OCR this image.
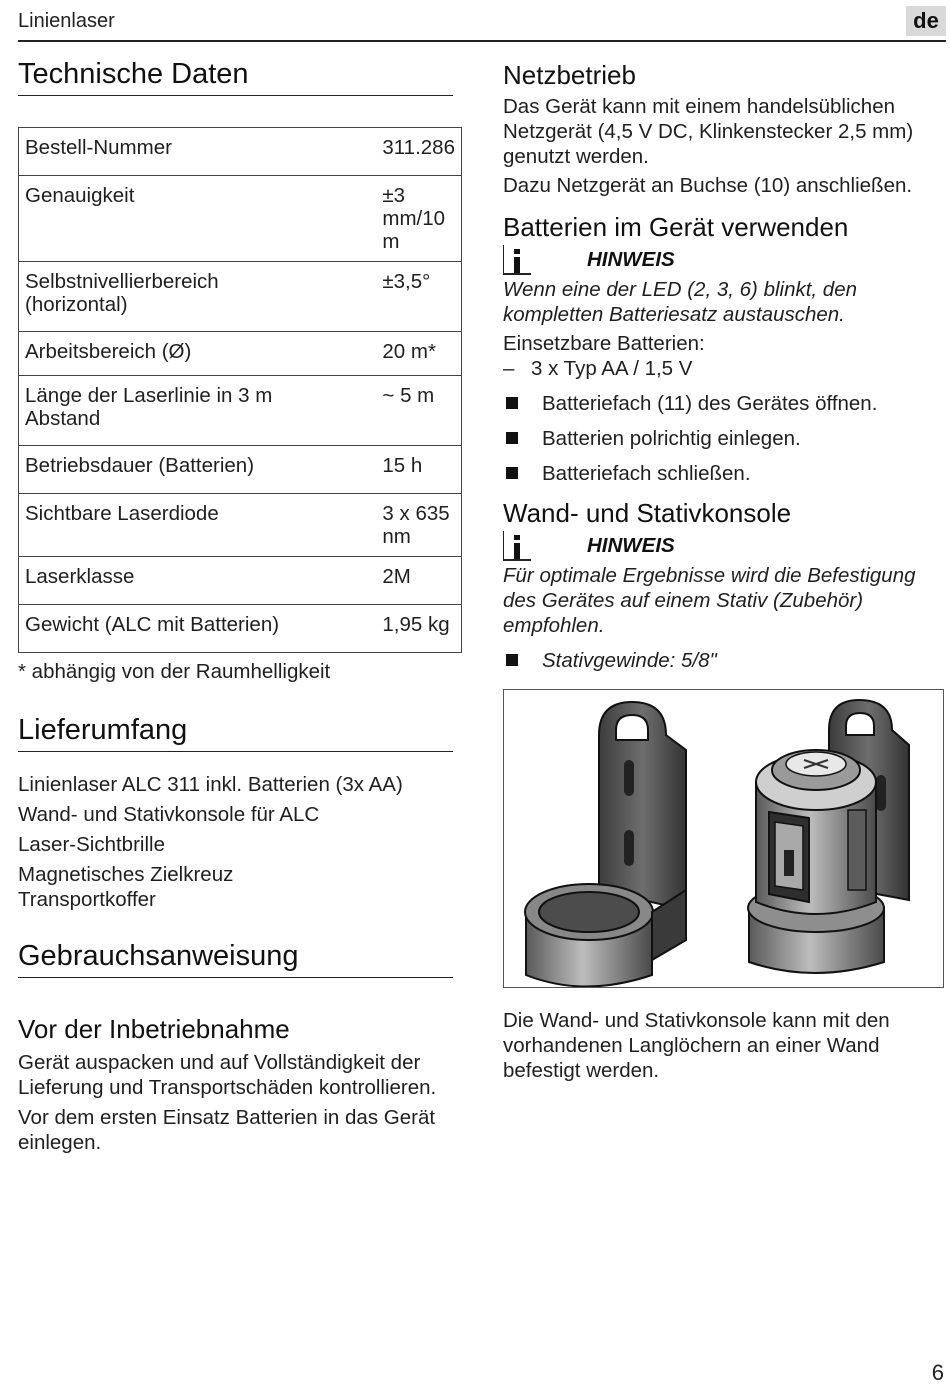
Linienlaser	de
Technische Daten
Bestell-Nummer	311.286
Genauigkeit	±3 mm/10 m
Selbstnivellierbereich (horizontal)	±3,5°
Arbeitsbereich (Ø)	20 m*
Länge der Laserlinie in 3 m Abstand	~ 5 m
Betriebsdauer (Batterien)	15 h
Sichtbare Laserdiode	3 x 635 nm
Laserklasse	2M
Gewicht (ALC mit Batterien)	1,95 kg

* abhängig von der Raumhelligkeit

Lieferumfang

Linienlaser ALC 311 inkl. Batterien (3x AA)

Wand- und Stativkonsole für ALC

Laser-Sichtbrille

Magnetisches Zielkreuz

Transportkoffer

Gebrauchsanweisung
Vor der Inbetriebnahme

Gerät auspacken und auf Vollständigkeit der Lieferung und Transportschäden kontrollieren.

Vor dem ersten Einsatz Batterien in das Gerät einlegen.

Netzbetrieb

Das Gerät kann mit einem handelsüblichen Netzgerät (4,5 V DC, Klinkenstecker 2,5 mm) genutzt werden.

Dazu Netzgerät an Buchse (10) anschließen.

Batterien im Gerät verwenden
HINWEIS

Wenn eine der LED (2, 3, 6) blinkt, den kompletten Batteriesatz austauschen.

Einsetzbare Batterien:

– 3 x Typ AA / 1,5 V
Batteriefach (11) des Gerätes öffnen.
Batterien polrichtig einlegen.
Batteriefach schließen.
Wand- und Stativkonsole
HINWEIS

Für optimale Ergebnisse wird die Befestigung des Gerätes auf einem Stativ (Zubehör) empfohlen.

Stativgewinde: 5/8"

Die Wand- und Stativkonsole kann mit den vorhandenen Langlöchern an einer Wand befestigt werden.

6
